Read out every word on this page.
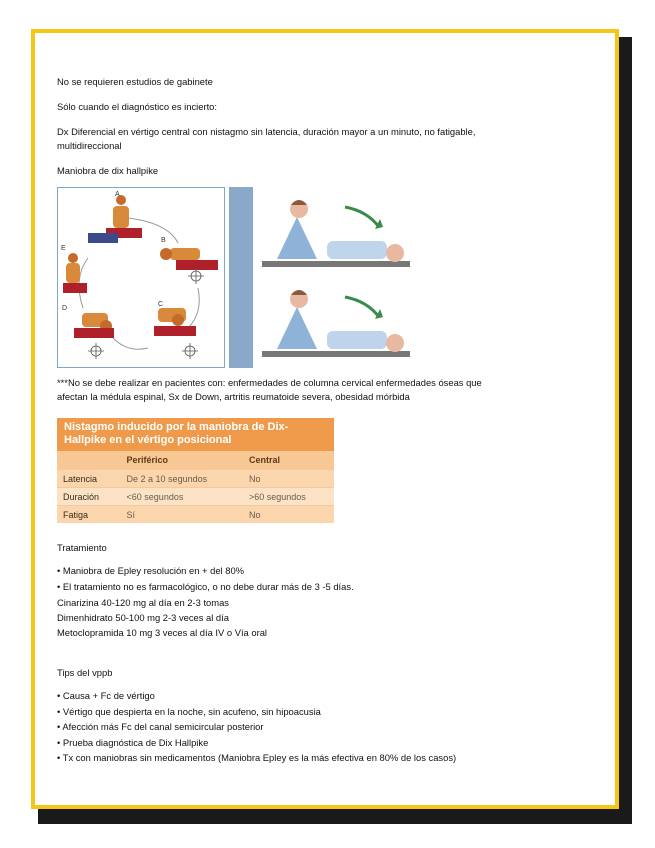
No se requieren estudios de gabinete
Sólo cuando el diagnóstico es incierto:
Dx Diferencial en vértigo central con nistagmo sin latencia, duración mayor a un minuto, no fatigable, multidireccional
Maniobra de dix hallpike
A
B
C
D
E
***No se debe realizar en pacientes con: enfermedades de columna cervical enfermedades óseas que afectan la médula espinal, Sx de Down, artritis reumatoide severa, obesidad mórbida
Nistagmo inducido por la maniobra de Dix-Hallpike en el vértigo posicional
	Periférico	Central
Latencia	De 2 a 10 segundos	No
Duración	<60 segundos	>60 segundos
Fatiga	Sí	No
Tratamiento
• Maniobra de Epley resolución en + del 80%
• El tratamiento no es farmacológico, o no debe durar más de 3 -5 días.
Cinarizina 40-120 mg al día en 2-3 tomas
Dimenhidrato 50-100 mg 2-3 veces al día
Metoclopramida 10 mg 3 veces al día IV o Vía oral
Tips del vppb
• Causa + Fc de vértigo
• Vértigo que despierta en la noche, sin acufeno, sin hipoacusia
• Afección más Fc del canal semicircular posterior
• Prueba diagnóstica de Dix Hallpike
• Tx con maniobras sin medicamentos (Maniobra Epley es la más efectiva en 80% de los casos)
